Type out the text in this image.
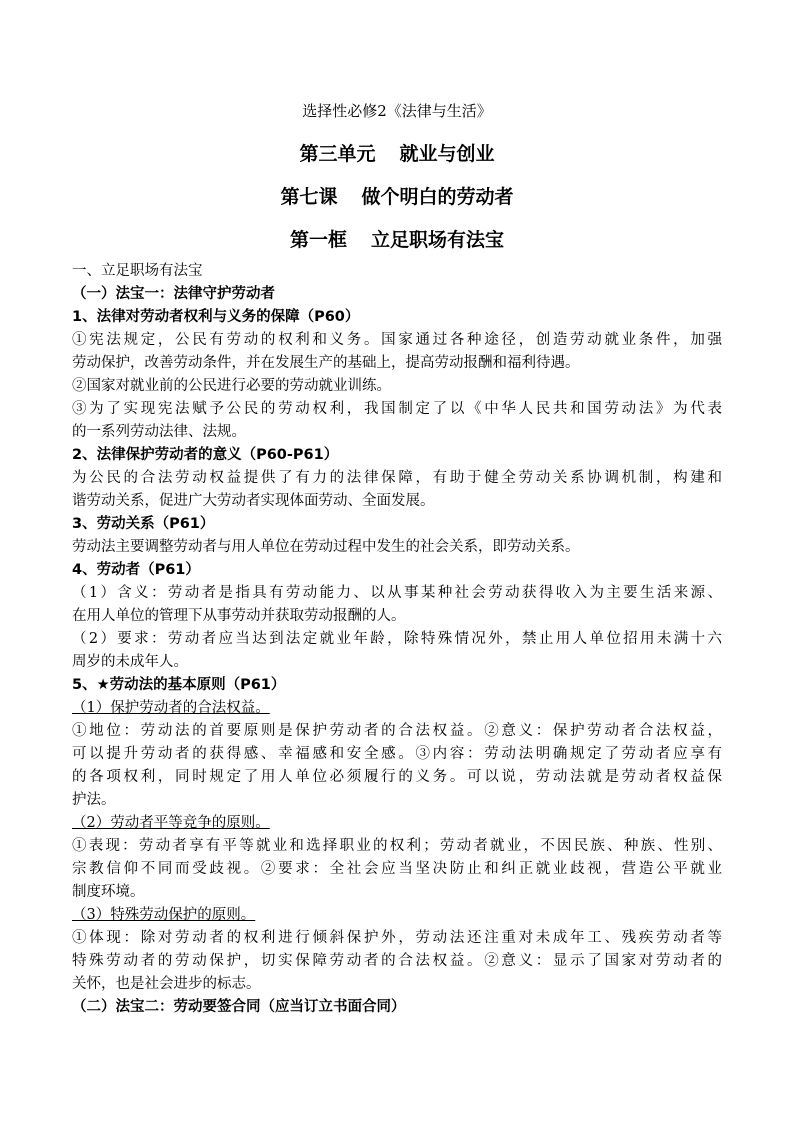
选择性必修2《法律与生活》
第三单元 就业与创业
第七课 做个明白的劳动者
第一框 立足职场有法宝
一、立足职场有法宝
（一）法宝一：法律守护劳动者
1、法律对劳动者权利与义务的保障（P60）
①宪法规定，公民有劳动的权利和义务。国家通过各种途径，创造劳动就业条件，加强
劳动保护，改善劳动条件，并在发展生产的基础上，提高劳动报酬和福利待遇。
②国家对就业前的公民进行必要的劳动就业训练。
③为了实现宪法赋予公民的劳动权利，我国制定了以《中华人民共和国劳动法》为代表
的一系列劳动法律、法规。
2、法律保护劳动者的意义（P60-P61）
为公民的合法劳动权益提供了有力的法律保障，有助于健全劳动关系协调机制，构建和
谐劳动关系，促进广大劳动者实现体面劳动、全面发展。
3、劳动关系（P61）
劳动法主要调整劳动者与用人单位在劳动过程中发生的社会关系，即劳动关系。
4、劳动者（P61）
（1）含义：劳动者是指具有劳动能力、以从事某种社会劳动获得收入为主要生活来源、
在用人单位的管理下从事劳动并获取劳动报酬的人。
（2）要求：劳动者应当达到法定就业年龄，除特殊情况外，禁止用人单位招用未满十六
周岁的未成年人。
5、★劳动法的基本原则（P61）
（1）保护劳动者的合法权益。
①地位：劳动法的首要原则是保护劳动者的合法权益。②意义：保护劳动者合法权益，
可以提升劳动者的获得感、幸福感和安全感。③内容：劳动法明确规定了劳动者应享有
的各项权利，同时规定了用人单位必须履行的义务。可以说，劳动法就是劳动者权益保
护法。
（2）劳动者平等竞争的原则。
①表现：劳动者享有平等就业和选择职业的权利；劳动者就业，不因民族、种族、性别、
宗教信仰不同而受歧视。②要求：全社会应当坚决防止和纠正就业歧视，营造公平就业
制度环境。
（3）特殊劳动保护的原则。
①体现：除对劳动者的权利进行倾斜保护外，劳动法还注重对未成年工、残疾劳动者等
特殊劳动者的劳动保护，切实保障劳动者的合法权益。②意义：显示了国家对劳动者的
关怀，也是社会进步的标志。
（二）法宝二：劳动要签合同（应当订立书面合同）
